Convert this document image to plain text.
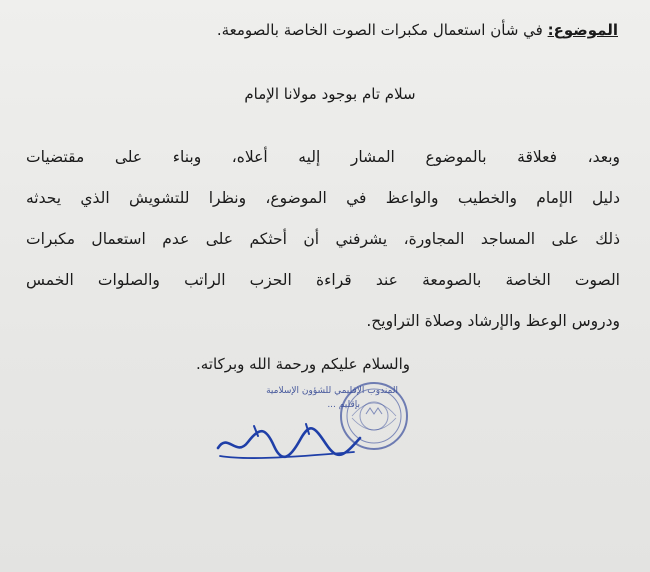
الموضوع: في شأن استعمال مكبرات الصوت الخاصة بالصومعة.
سلام تام بوجود مولانا الإمام
وبعد، فعلاقة بالموضوع المشار إليه أعلاه، وبناء على مقتضيات
دليل الإمام والخطيب والواعظ في الموضوع، ونظرا للتشويش الذي يحدثه
ذلك على المساجد المجاورة، يشرفني أن أحثكم على عدم استعمال مكبرات
الصوت الخاصة بالصومعة عند قراءة الحزب الراتب والصلوات الخمس
ودروس الوعظ والإرشاد وصلاة التراويح.
والسلام عليكم ورحمة الله وبركاته.
المندوب الإقليمي للشؤون الإسلامية
بإقليم ...
